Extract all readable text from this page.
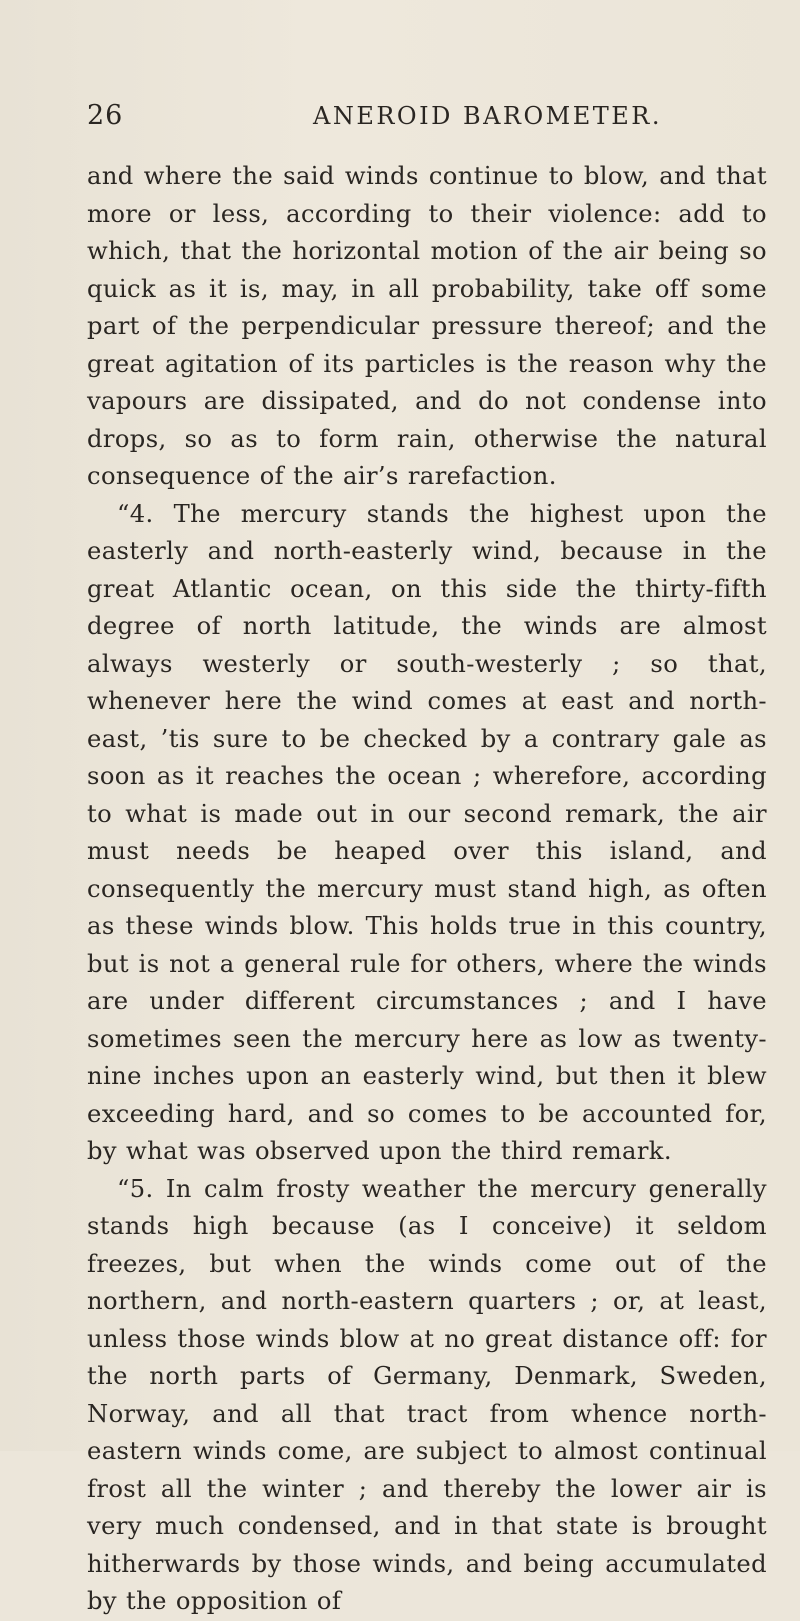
26	ANEROID BAROMETER.

and where the said winds continue to blow, and that more or less, according to their violence: add to which, that the horizontal motion of the air being so quick as it is, may, in all probability, take off some part of the perpendicular pressure thereof; and the great agitation of its particles is the reason why the vapours are dissipated, and do not condense into drops, so as to form rain, otherwise the natural consequence of the air’s rarefaction.

“4. The mercury stands the highest upon the easterly and north-easterly wind, because in the great Atlantic ocean, on this side the thirty-fifth degree of north latitude, the winds are almost always westerly or south-westerly ; so that, whenever here the wind comes at east and north-east, ’tis sure to be checked by a contrary gale as soon as it reaches the ocean ; wherefore, according to what is made out in our second remark, the air must needs be heaped over this island, and consequently the mercury must stand high, as often as these winds blow. This holds true in this country, but is not a general rule for others, where the winds are under different circumstances ; and I have sometimes seen the mercury here as low as twenty-nine inches upon an easterly wind, but then it blew exceeding hard, and so comes to be accounted for, by what was observed upon the third remark.

“5. In calm frosty weather the mercury generally stands high because (as I conceive) it seldom freezes, but when the winds come out of the northern, and north-eastern quarters ; or, at least, unless those winds blow at no great distance off: for the north parts of Germany, Denmark, Sweden, Norway, and all that tract from whence north-eastern winds come, are subject to almost continual frost all the winter ; and thereby the lower air is very much condensed, and in that state is brought hitherwards by those winds, and being accumulated by the opposition of
